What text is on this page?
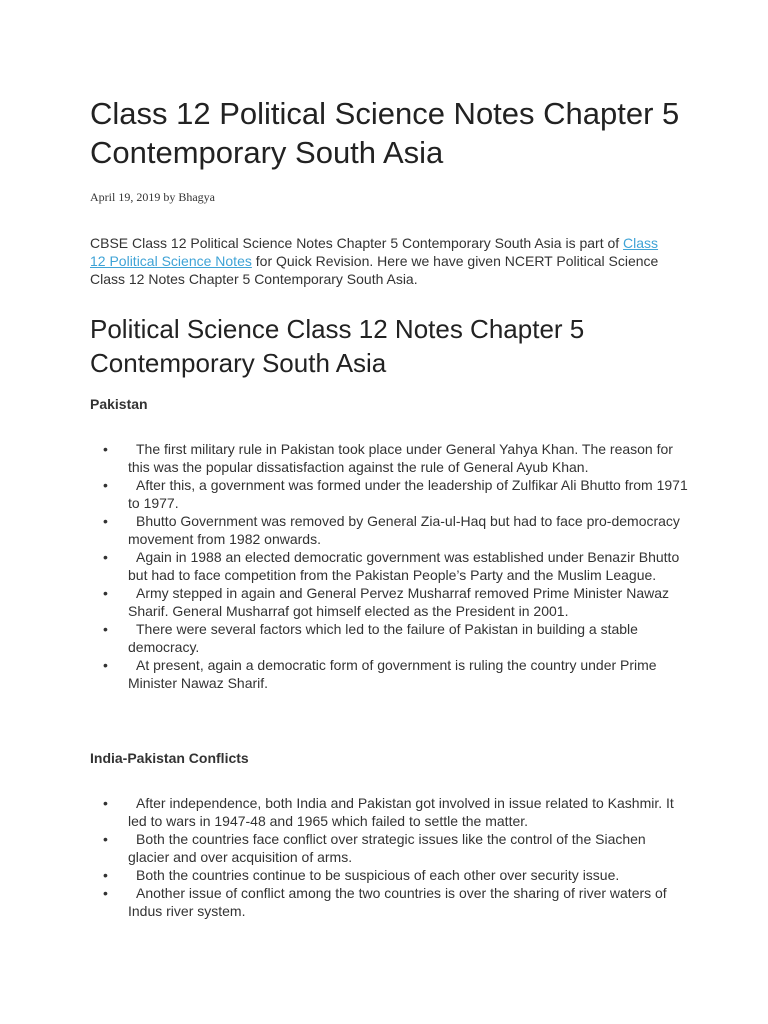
Class 12 Political Science Notes Chapter 5 Contemporary South Asia

April 19, 2019 by Bhagya

CBSE Class 12 Political Science Notes Chapter 5 Contemporary South Asia is part of Class 12 Political Science Notes for Quick Revision. Here we have given NCERT Political Science Class 12 Notes Chapter 5 Contemporary South Asia.

Political Science Class 12 Notes Chapter 5 Contemporary South Asia

Pakistan

• The first military rule in Pakistan took place under General Yahya Khan. The reason for this was the popular dissatisfaction against the rule of General Ayub Khan.
• After this, a government was formed under the leadership of Zulfikar Ali Bhutto from 1971 to 1977.
• Bhutto Government was removed by General Zia-ul-Haq but had to face pro-democracy movement from 1982 onwards.
• Again in 1988 an elected democratic government was established under Benazir Bhutto but had to face competition from the Pakistan People’s Party and the Muslim League.
• Army stepped in again and General Pervez Musharraf removed Prime Minister Nawaz Sharif. General Musharraf got himself elected as the President in 2001.
• There were several factors which led to the failure of Pakistan in building a stable democracy.
• At present, again a democratic form of government is ruling the country under Prime Minister Nawaz Sharif.

India-Pakistan Conflicts

• After independence, both India and Pakistan got involved in issue related to Kashmir. It led to wars in 1947-48 and 1965 which failed to settle the matter.
• Both the countries face conflict over strategic issues like the control of the Siachen glacier and over acquisition of arms.
• Both the countries continue to be suspicious of each other over security issue.
• Another issue of conflict among the two countries is over the sharing of river waters of Indus river system.
